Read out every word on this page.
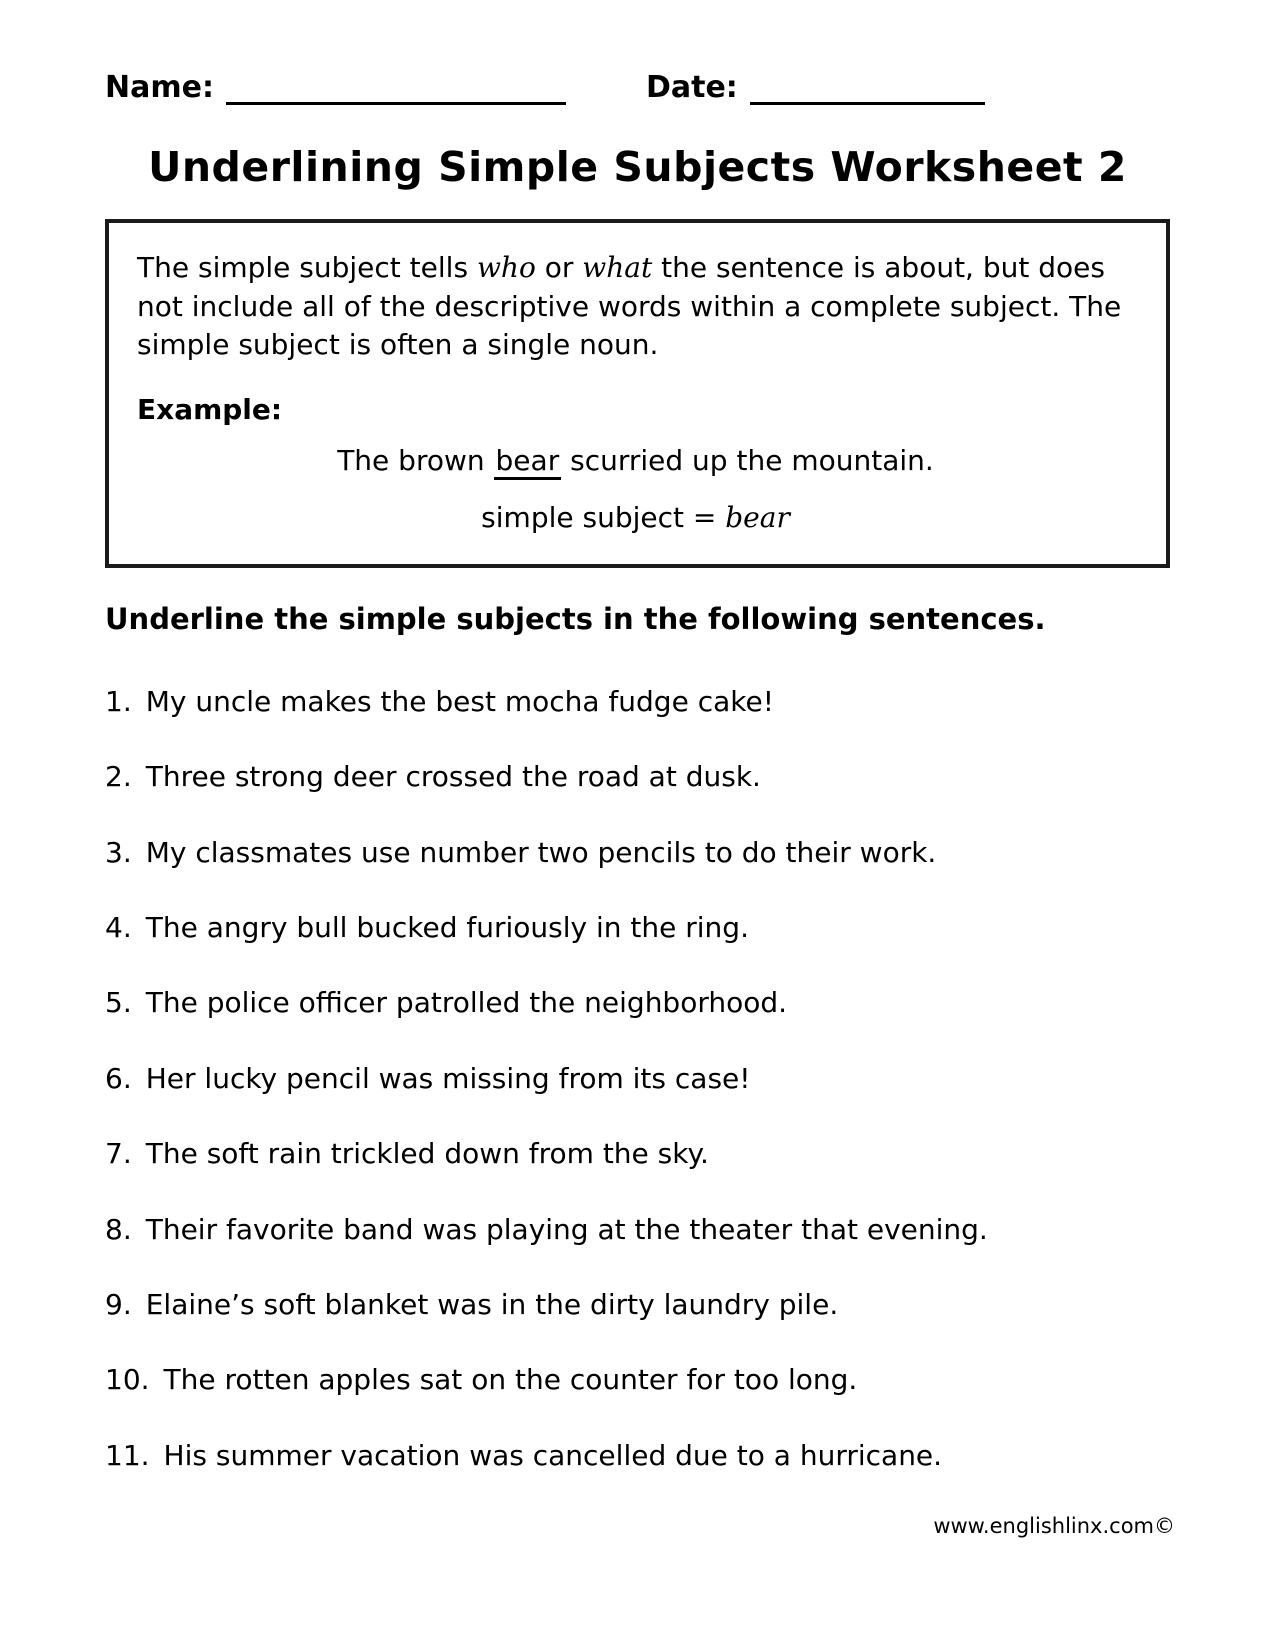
Name:	Date:
Underlining Simple Subjects Worksheet 2
The simple subject tells who or what the sentence is about, but does not include all of the descriptive words within a complete subject. The simple subject is often a single noun.
Example:
The brown bear scurried up the mountain.
simple subject = bear
Underline the simple subjects in the following sentences.
1. My uncle makes the best mocha fudge cake!
2. Three strong deer crossed the road at dusk.
3. My classmates use number two pencils to do their work.
4. The angry bull bucked furiously in the ring.
5. The police officer patrolled the neighborhood.
6. Her lucky pencil was missing from its case!
7. The soft rain trickled down from the sky.
8. Their favorite band was playing at the theater that evening.
9. Elaine’s soft blanket was in the dirty laundry pile.
10. The rotten apples sat on the counter for too long.
11. His summer vacation was cancelled due to a hurricane.
www.englishlinx.com©
